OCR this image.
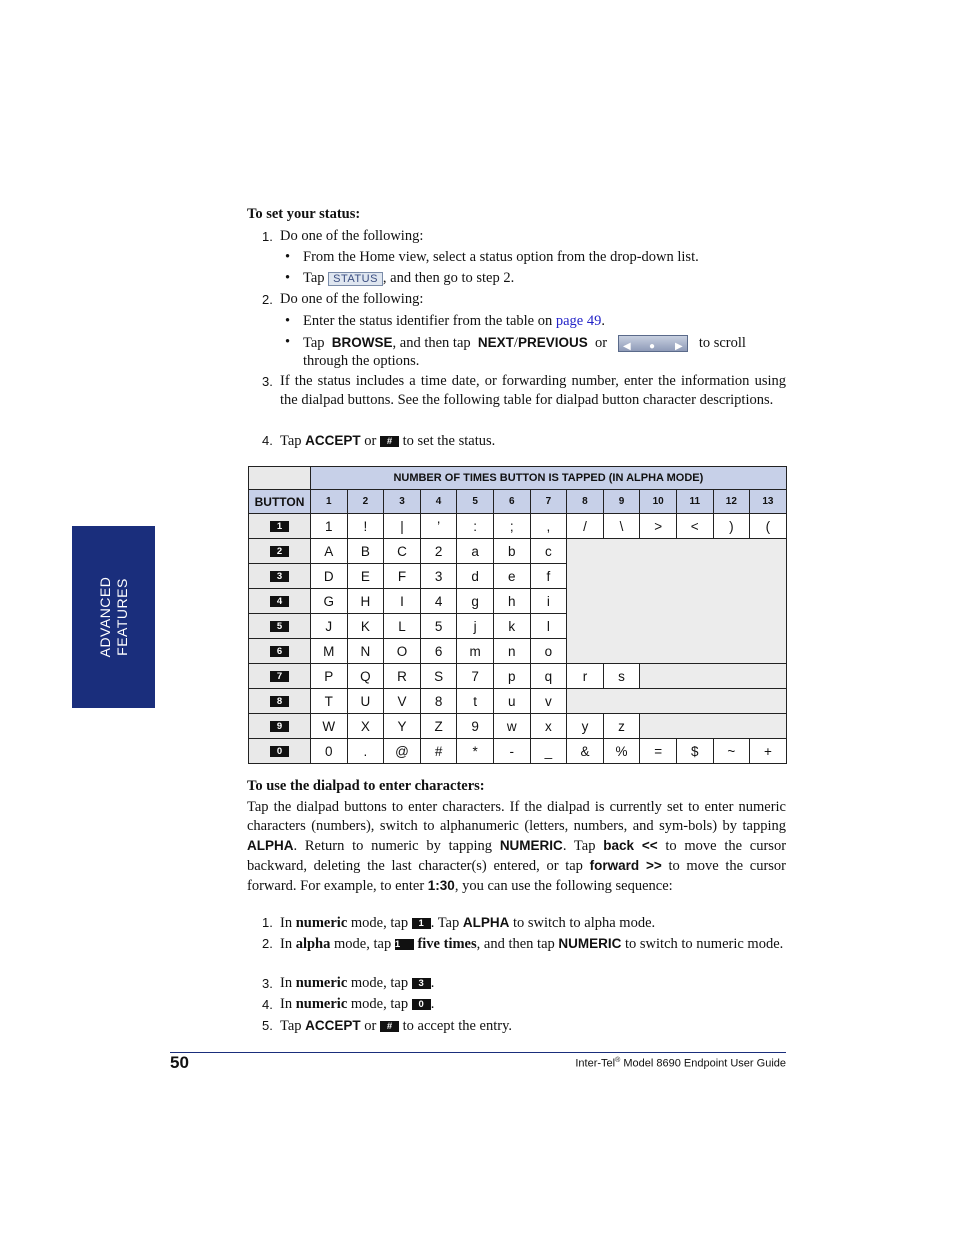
ADVANCED FEATURES
To set your status:
1. Do one of the following:
• From the Home view, select a status option from the drop-down list.
• Tap STATUS , and then go to step 2.
2. Do one of the following:
• Enter the status identifier from the table on page 49.
• Tap BROWSE, and then tap NEXT/PREVIOUS or ◀ ● ▶ to scroll
through the options.
3. If the status includes a time date, or forwarding number, enter the information using the dialpad buttons. See the following table for dialpad button character descriptions.
4. Tap ACCEPT or # to set the status.
	NUMBER OF TIMES BUTTON IS TAPPED (IN ALPHA MODE)												
BUTTON	1	2	3	4	5	6	7	8	9	10	11	12	13
1	1	!	|	’	:	;	,	/	\	>	<	)	(
2	A	B	C	2	a	b	c						
3	D	E	F	3	d	e	f						
4	G	H	I	4	g	h	i						
5	J	K	L	5	j	k	l						
6	M	N	O	6	m	n	o						
7	P	Q	R	S	7	p	q	r	s				
8	T	U	V	8	t	u	v						
9	W	X	Y	Z	9	w	x	y	z				
0	0	.	@	#	*	-	_	&	%	=	$	~	+
To use the dialpad to enter characters:
Tap the dialpad buttons to enter characters. If the dialpad is currently set to enter numeric characters (numbers), switch to alphanumeric (letters, numbers, and sym-bols) by tapping ALPHA. Return to numeric by tapping NUMERIC. Tap back << to move the cursor backward, deleting the last character(s) entered, or tap forward >> to move the cursor forward. For example, to enter 1:30, you can use the following sequence:
1. In numeric mode, tap 1 . Tap ALPHA to switch to alpha mode.
2. In alpha mode, tap 1 five times, and then tap NUMERIC to switch to numeric mode.
3. In numeric mode, tap 3 .
4. In numeric mode, tap 0 .
5. Tap ACCEPT or # to accept the entry.
50	Inter-Tel® Model 8690 Endpoint User Guide
